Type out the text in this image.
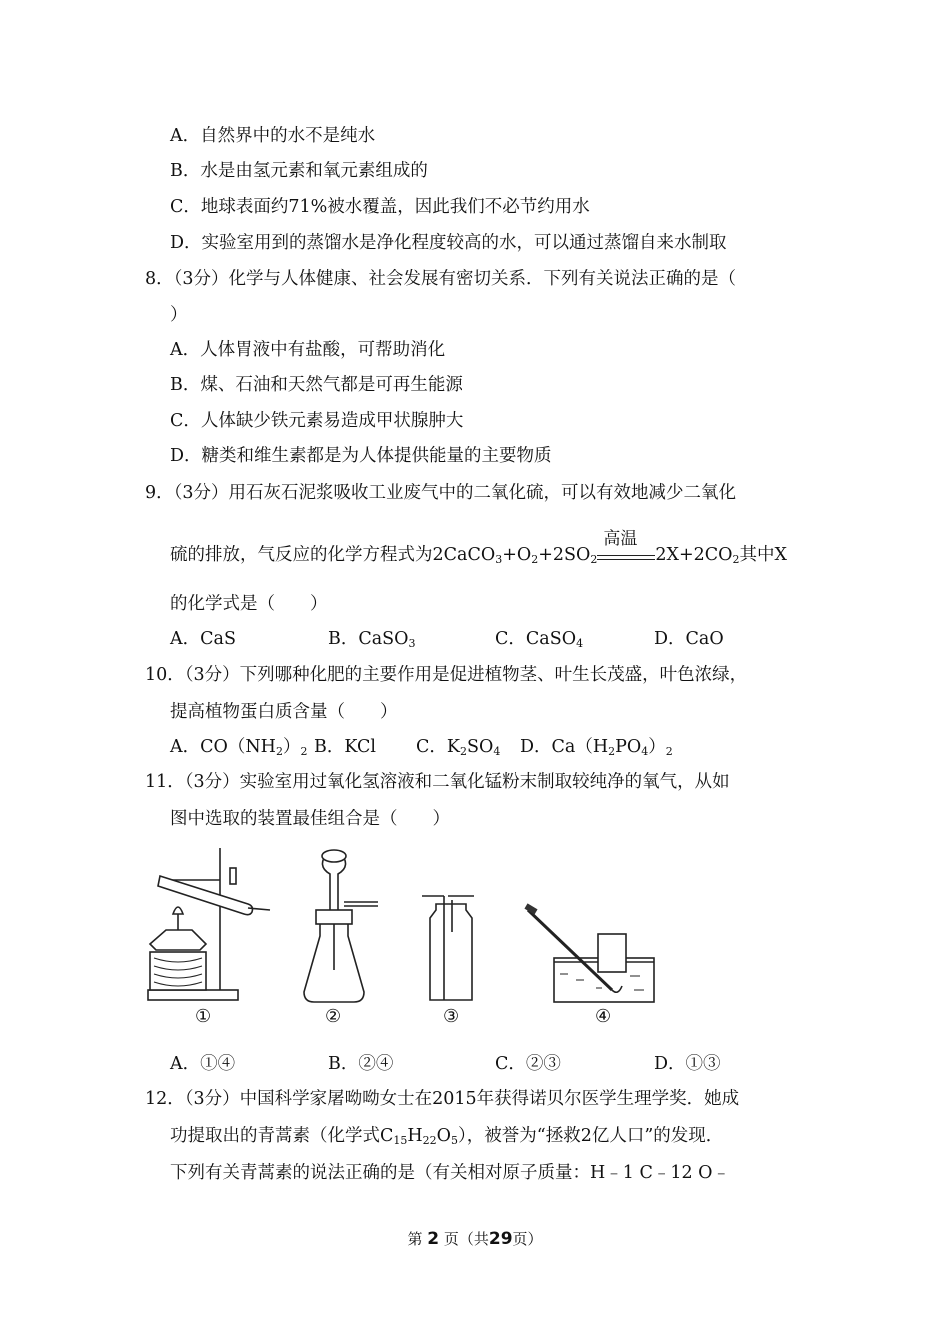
A．自然界中的水不是纯水
B．水是由氢元素和氧元素组成的
C．地球表面约71%被水覆盖，因此我们不必节约用水
D．实验室用到的蒸馏水是净化程度较高的水，可以通过蒸馏自来水制取
8．（3分）化学与人体健康、社会发展有密切关系．下列有关说法正确的是（
）
A．人体胃液中有盐酸，可帮助消化
B．煤、石油和天然气都是可再生能源
C．人体缺少铁元素易造成甲状腺肿大
D．糖类和维生素都是为人体提供能量的主要物质
9．（3分）用石灰石泥浆吸收工业废气中的二氧化硫，可以有效地减少二氧化
硫的排放，气反应的化学方程式为$2CaCO_3+O_2+2SO_2$
高温
$2X+2CO_2$其中X
的化学式是（　　）
A．CaS	B．CaSO$_3$	C．CaSO$_4$	D．CaO
10．（3分）下列哪种化肥的主要作用是促进植物茎、叶生长茂盛，叶色浓绿，
提高植物蛋白质含量（　　）
A．$CO(NH_2)_2$ B．KCl C．$K_2SO_4$ D．$Ca(H_2PO_4)_2$
11．（3分）实验室用过氧化氢溶液和二氧化锰粉末制取较纯净的氧气，从如
图中选取的装置最佳组合是（　　）
①	②	③	④
A．①④	B．②④	C．②③	D．①③
12．（3分）中国科学家屠呦呦女士在2015年获得诺贝尔医学生理学奖．她成
功提取出的青蒿素（化学式$C_{15}H_{22}O_5$），被誉为“拯救2亿人口”的发现．
下列有关青蒿素的说法正确的是（有关相对原子质量：H﹣1 C﹣12 O﹣
第 2 页（共29页）
